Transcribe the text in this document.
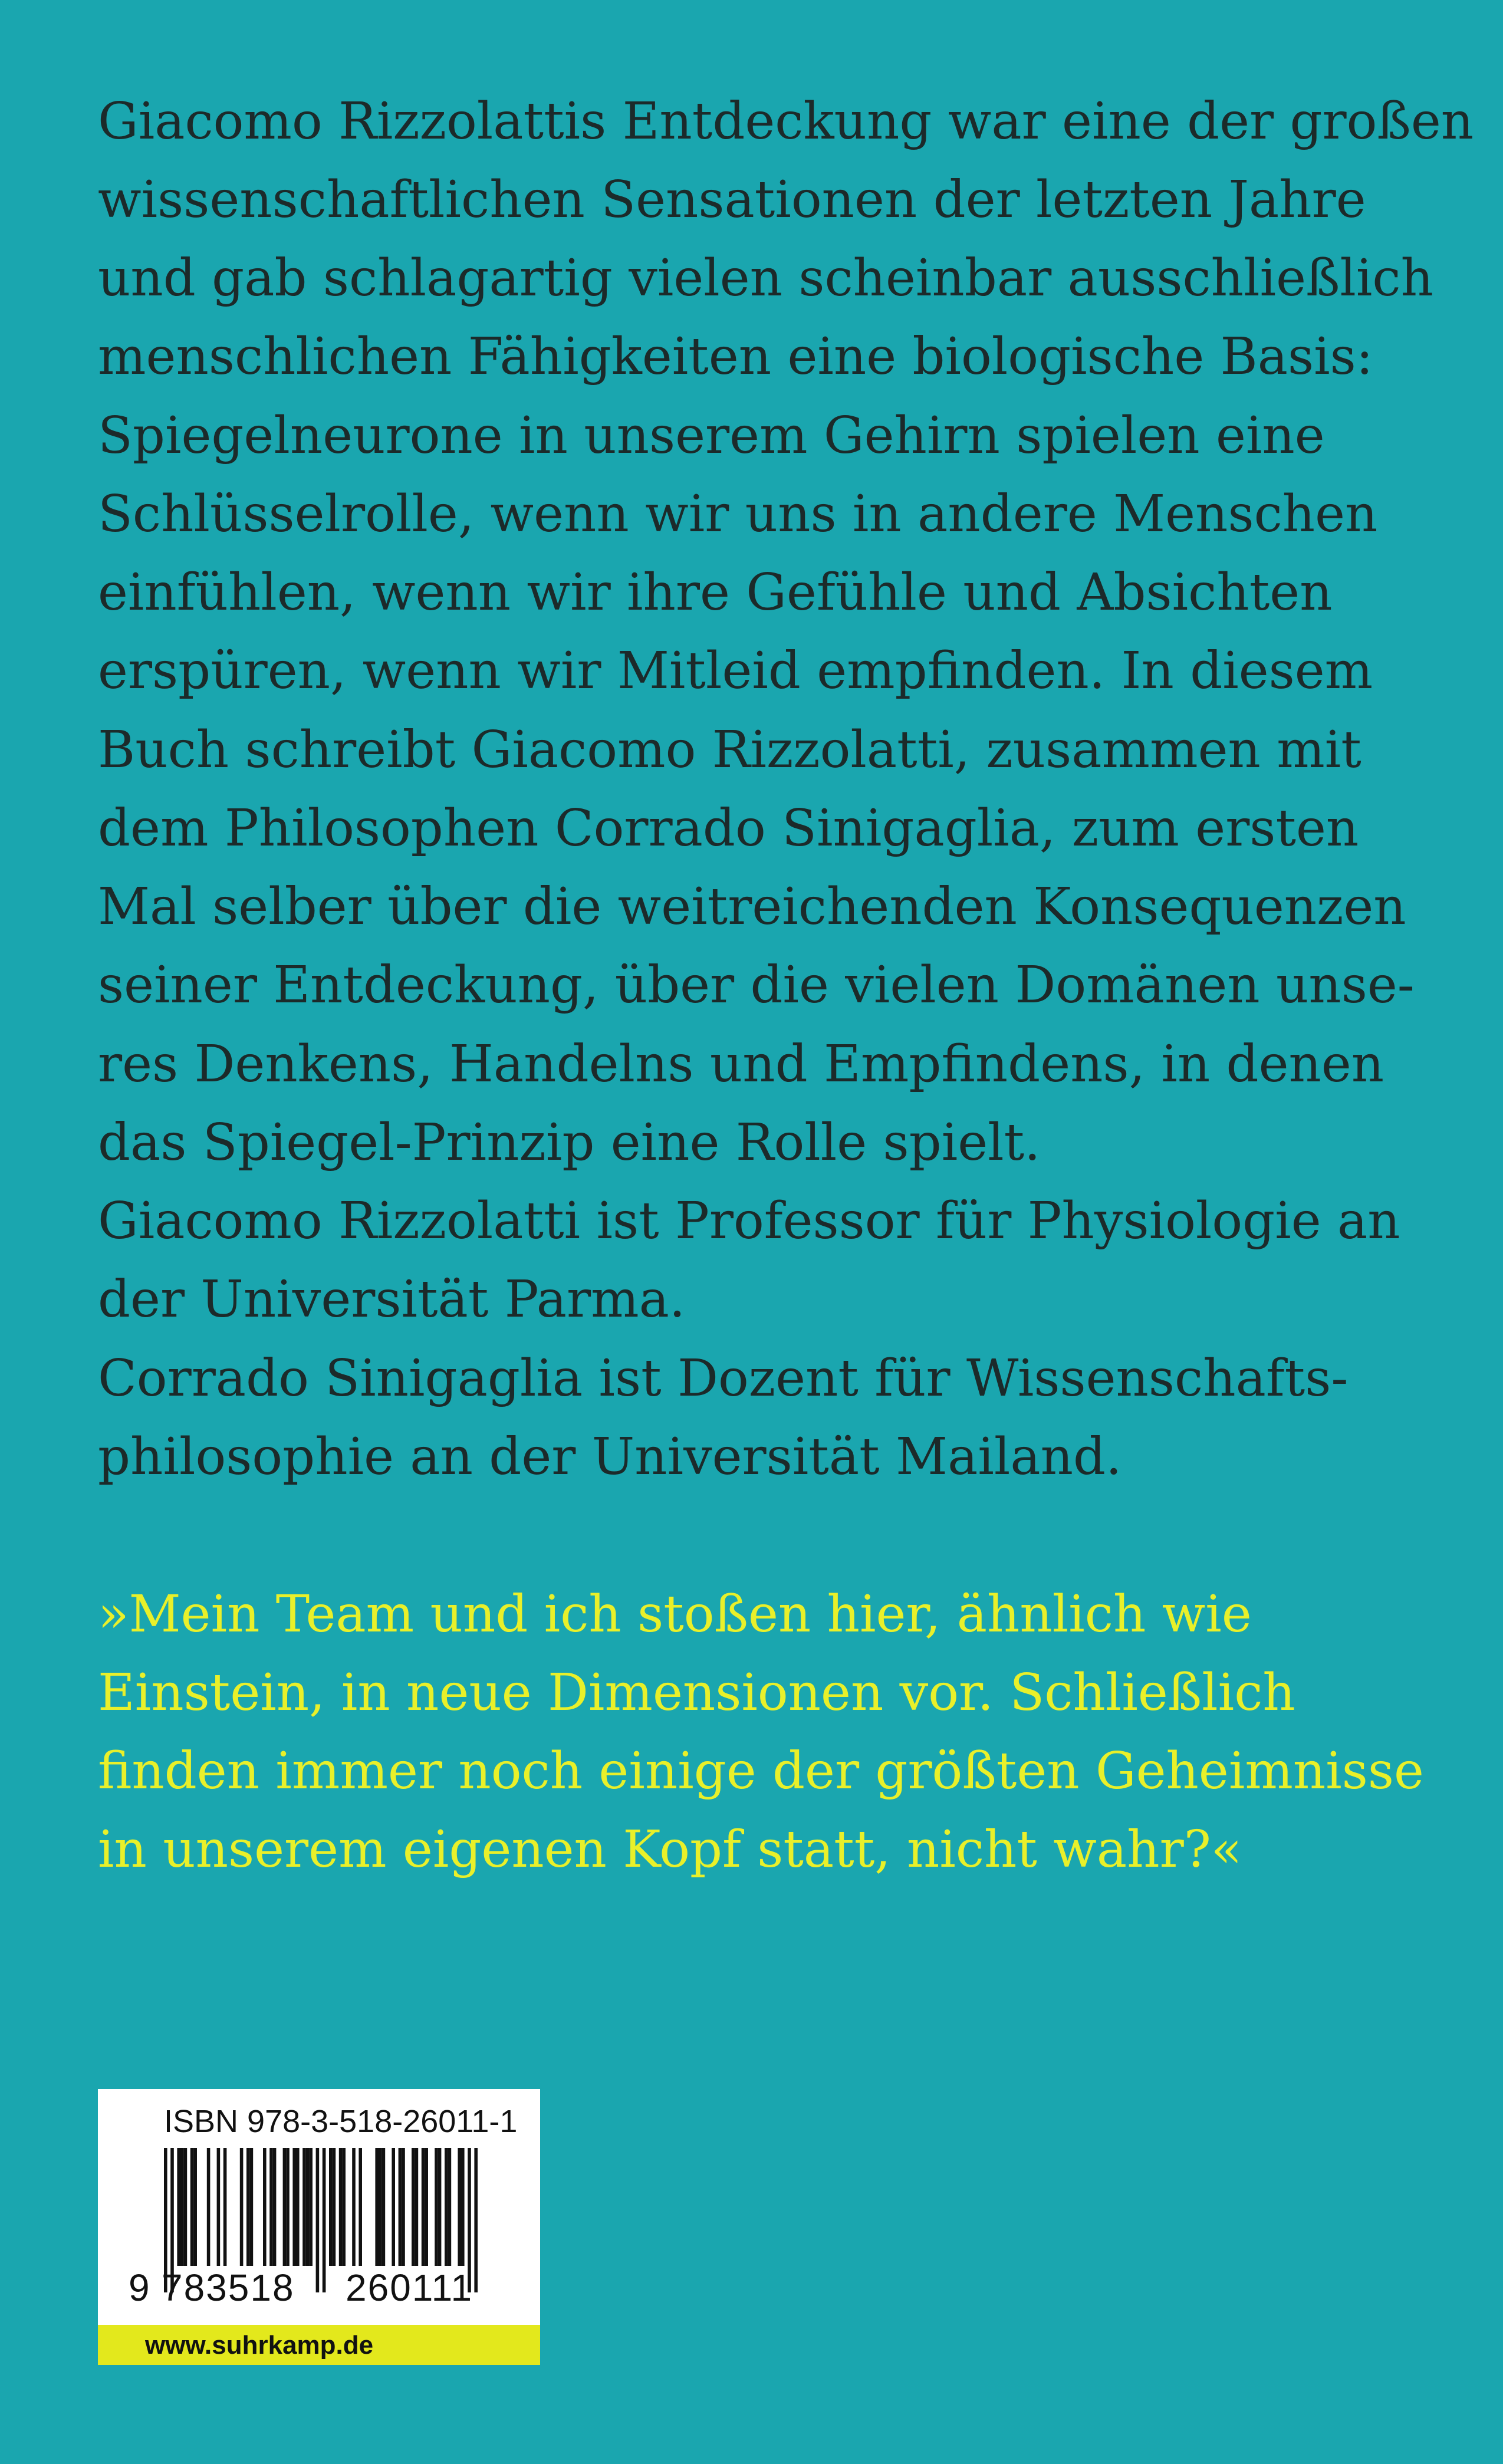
Giacomo Rizzolattis Entdeckung war eine der großen

wissenschaftlichen Sensationen der letzten Jahre

und gab schlagartig vielen scheinbar ausschließlich

menschlichen Fähigkeiten eine biologische Basis:

Spiegelneurone in unserem Gehirn spielen eine

Schlüsselrolle, wenn wir uns in andere Menschen

einfühlen, wenn wir ihre Gefühle und Absichten

erspüren, wenn wir Mitleid empfinden. In diesem

Buch schreibt Giacomo Rizzolatti, zusammen mit

dem Philosophen Corrado Sinigaglia, zum ersten

Mal selber über die weitreichenden Konsequenzen

seiner Entdeckung, über die vielen Domänen unse-

res Denkens, Handelns und Empfindens, in denen

das Spiegel-Prinzip eine Rolle spielt.

Giacomo Rizzolatti ist Professor für Physiologie an

der Universität Parma.

Corrado Sinigaglia ist Dozent für Wissenschafts-

philosophie an der Universität Mailand.

»Mein Team und ich stoßen hier, ähnlich wie

Einstein, in neue Dimensionen vor. Schließlich

finden immer noch einige der größten Geheimnisse

in unserem eigenen Kopf statt, nicht wahr?«

ISBN 978-3-518-26011-1
9 783518 260111
www.suhrkamp.de
